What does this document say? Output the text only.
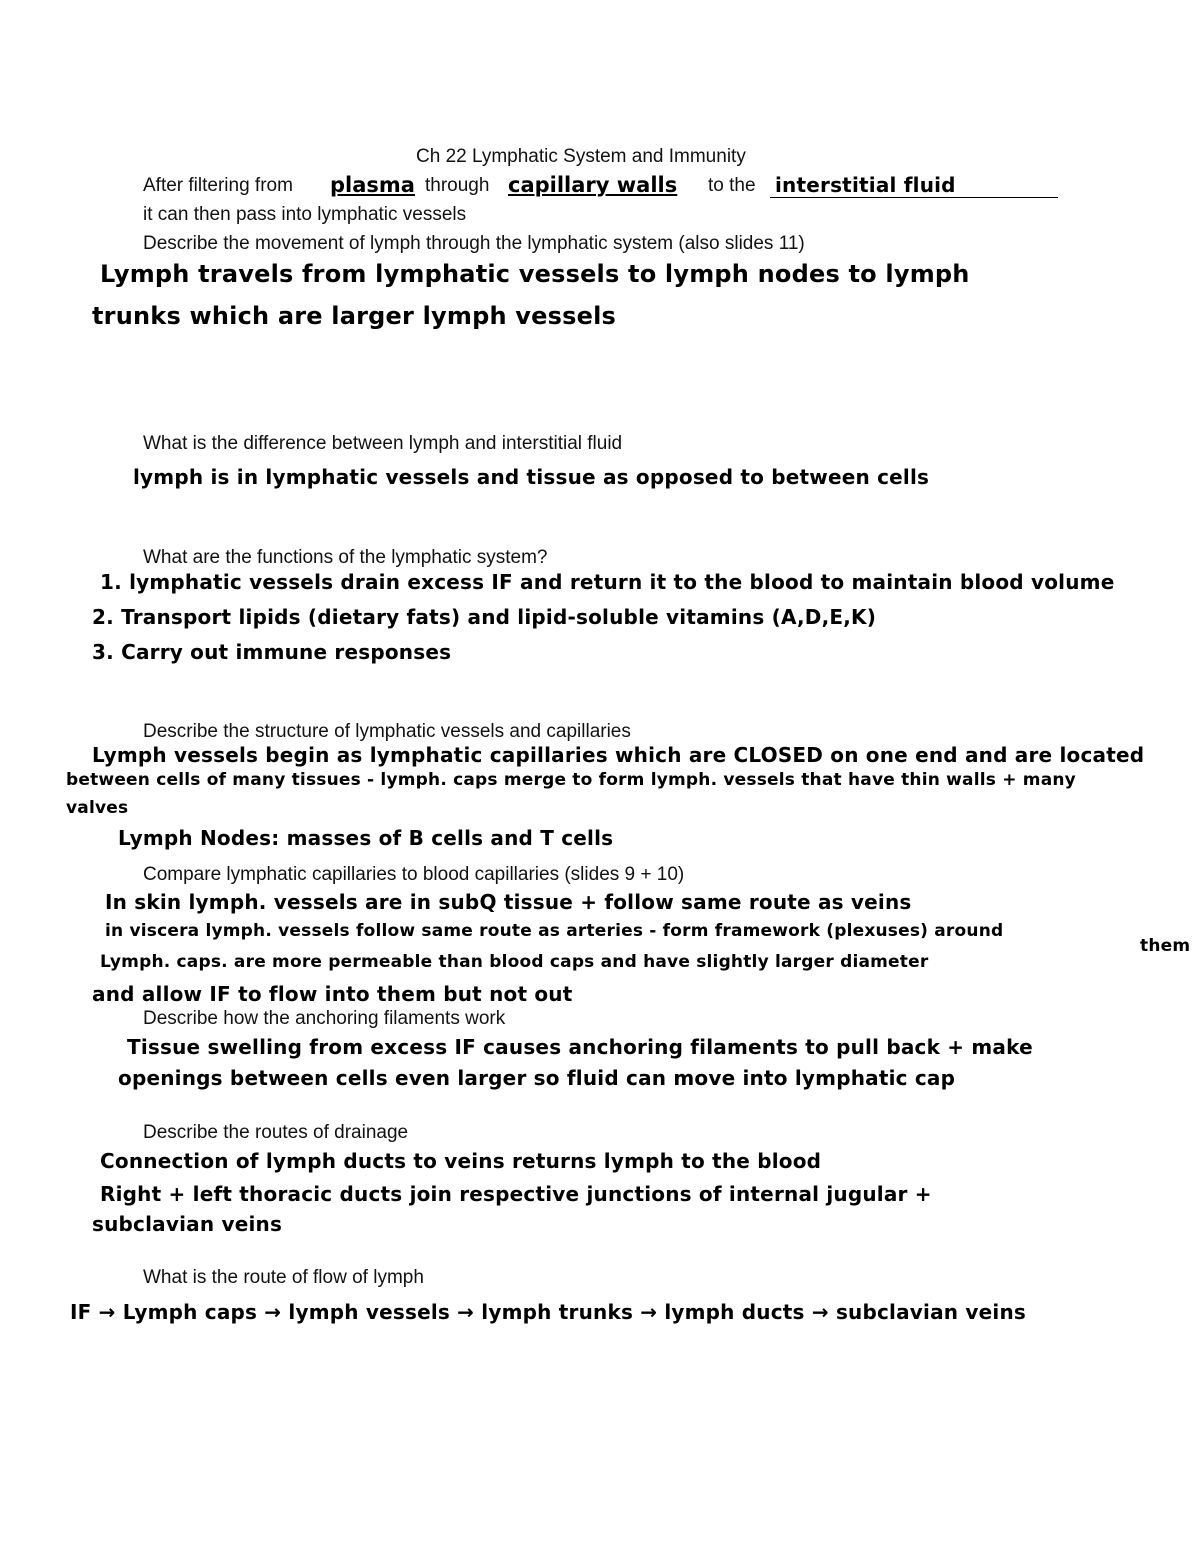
Ch 22 Lymphatic System and Immunity
After filtering from plasma through capillary walls to the interstitial fluid
it can then pass into lymphatic vessels
Describe the movement of lymph through the lymphatic system (also slides 11)
Lymph travels from lymphatic vessels to lymph nodes to lymph
trunks which are larger lymph vessels
What is the difference between lymph and interstitial fluid
lymph is in lymphatic vessels and tissue as opposed to between cells
What are the functions of the lymphatic system?
1. lymphatic vessels drain excess IF and return it to the blood to maintain blood volume
2. Transport lipids (dietary fats) and lipid-soluble vitamins (A,D,E,K)
3. Carry out immune responses
Describe the structure of lymphatic vessels and capillaries
Lymph vessels begin as lymphatic capillaries which are CLOSED on one end and are located
between cells of many tissues - lymph. caps merge to form lymph. vessels that have thin walls + many
valves
Lymph Nodes: masses of B cells and T cells
Compare lymphatic capillaries to blood capillaries (slides 9 + 10)
In skin lymph. vessels are in subQ tissue + follow same route as veins
in viscera lymph. vessels follow same route as arteries - form framework (plexuses) around
them
Lymph. caps. are more permeable than blood caps and have slightly larger diameter
and allow IF to flow into them but not out
Describe how the anchoring filaments work
Tissue swelling from excess IF causes anchoring filaments to pull back + make
openings between cells even larger so fluid can move into lymphatic cap
Describe the routes of drainage
Connection of lymph ducts to veins returns lymph to the blood
Right + left thoracic ducts join respective junctions of internal jugular +
subclavian veins
What is the route of flow of lymph
IF → Lymph caps → lymph vessels → lymph trunks → lymph ducts → subclavian veins
